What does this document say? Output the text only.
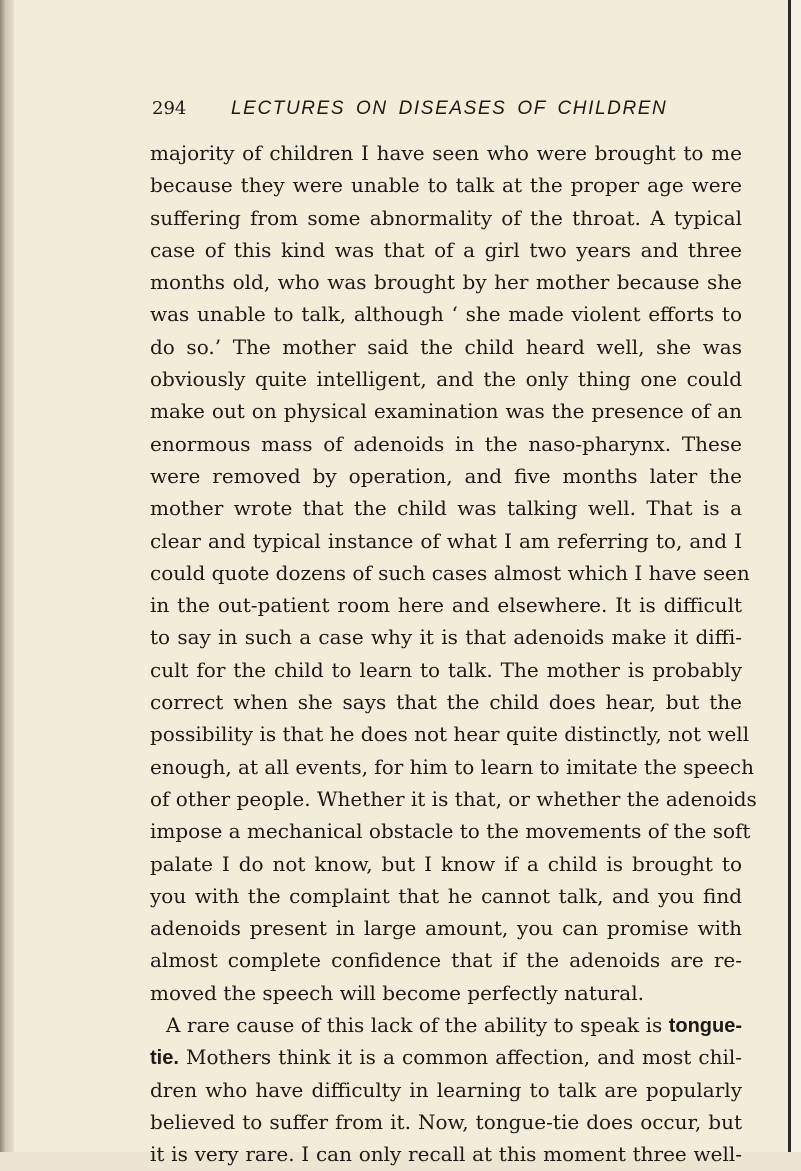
294 LECTURES ON DISEASES OF CHILDREN
majority of children I have seen who were brought to me
because they were unable to talk at the proper age were
suffering from some abnormality of the throat. A typical
case of this kind was that of a girl two years and three
months old, who was brought by her mother because she
was unable to talk, although ‘ she made violent efforts to
do so.’ The mother said the child heard well, she was
obviously quite intelligent, and the only thing one could
make out on physical examination was the presence of an
enormous mass of adenoids in the naso-pharynx. These
were removed by operation, and five months later the
mother wrote that the child was talking well. That is a
clear and typical instance of what I am referring to, and I
could quote dozens of such cases almost which I have seen
in the out-patient room here and elsewhere. It is difficult
to say in such a case why it is that adenoids make it diffi-
cult for the child to learn to talk. The mother is probably
correct when she says that the child does hear, but the
possibility is that he does not hear quite distinctly, not well
enough, at all events, for him to learn to imitate the speech
of other people. Whether it is that, or whether the adenoids
impose a mechanical obstacle to the movements of the soft
palate I do not know, but I know if a child is brought to
you with the complaint that he cannot talk, and you find
adenoids present in large amount, you can promise with
almost complete confidence that if the adenoids are re-
moved the speech will become perfectly natural.
A rare cause of this lack of the ability to speak is tongue-
tie. Mothers think it is a common affection, and most chil-
dren who have difficulty in learning to talk are popularly
believed to suffer from it. Now, tongue-tie does occur, but
it is very rare. I can only recall at this moment three well-
